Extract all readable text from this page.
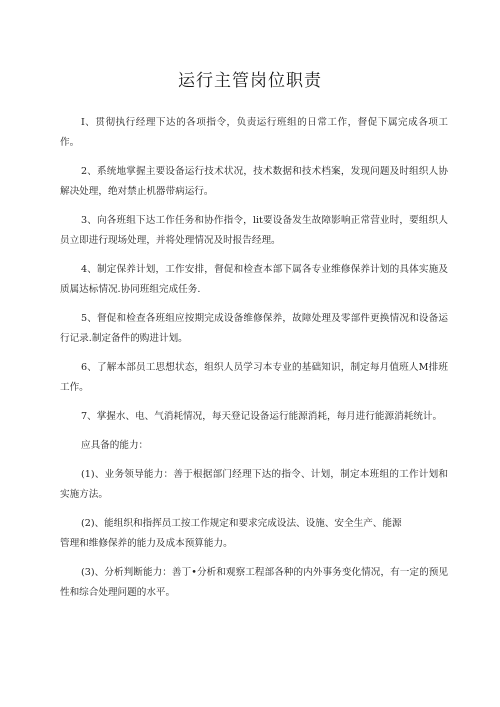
运行主管岗位职责

I、贯彻执行经理下达的各项指令，负责运行班组的日常工作，督促下属完成各项工作。

2、系统地掌握主要设备运行技术状况，技术数据和技术档案，发现问题及时组织人协解决处理，绝对禁止机器带病运行。

3、向各班组下达工作任务和协作指令，lit要设备发生故障影响正常营业时，要组织人员立即进行现场处理，并将处理情况及时报告经理。

4、制定保养计划，工作安排，督促和检查本部下属各专业维修保养计划的具体实施及质属达标情况.协同班组完成任务.

5、督促和检查各班组应按期完成设备维修保养，故障处理及零部件更换情况和设备运行记录.制定备件的购进计划。

6、了解本部员工思想状态，组织人员学习本专业的基础知识，制定每月值班人M排班工作。

7、掌握水、电、气消耗情况，每天登记设备运行能源消耗，每月进行能源消耗统计。

应具备的能力：

(1)、业务领导能力：善于根据部门经理下达的指令、计划，制定本班组的工作计划和实施方法。

(2)、能组织和指挥员工按工作规定和要求完成设法、设施、安全生产、能源

管理和维修保养的能力及成本预算能力。

(3)、分析判断能力：善丁•分析和观察工程部各种的内外事务变化情况，有一定的预见性和综合处理问题的水平。
